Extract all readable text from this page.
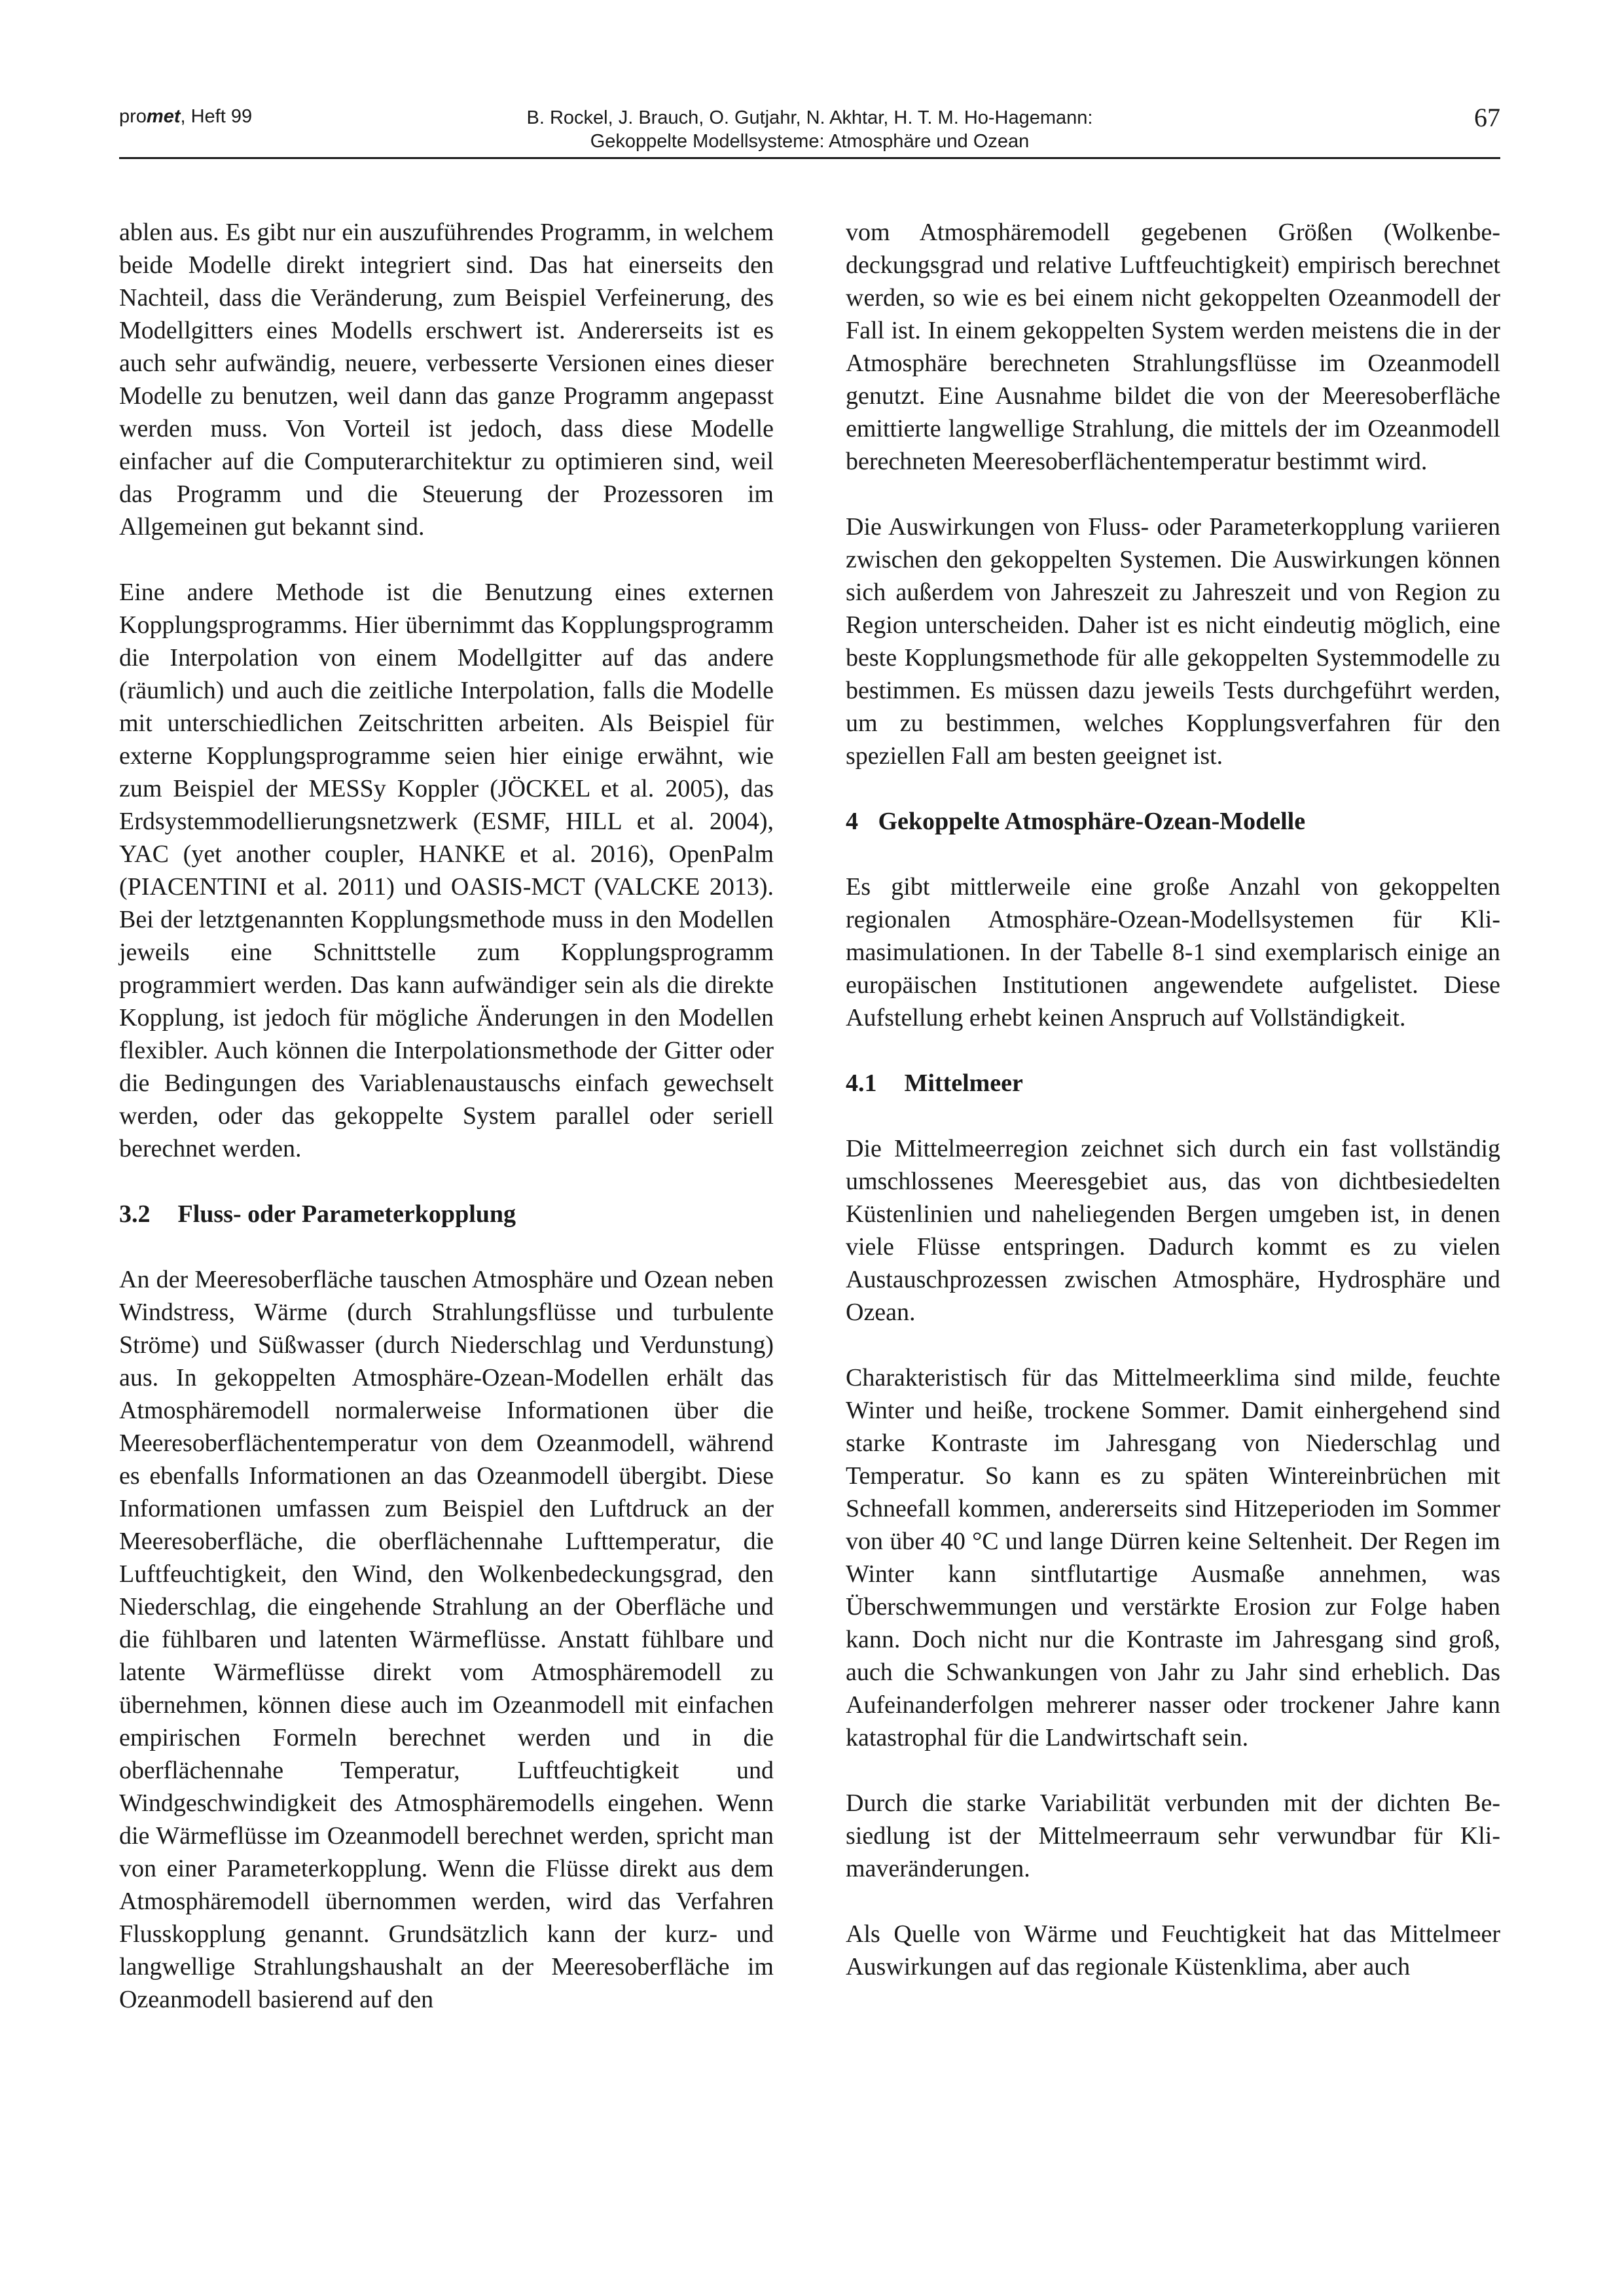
promet, Heft 99	B. Rockel, J. Brauch, O. Gutjahr, N. Akhtar, H. T. M. Ho-Hagemann:
Gekoppelte Modellsysteme: Atmosphäre und Ozean
67

ablen aus. Es gibt nur ein auszuführendes Programm, in welchem beide Modelle direkt integriert sind. Das hat einerseits den Nachteil, dass die Veränderung, zum Beispiel Verfeinerung, des Modellgitters eines Modells erschwert ist. Andererseits ist es auch sehr aufwändig, neuere, verbesserte Versionen eines dieser Modelle zu benutzen, weil dann das ganze Programm angepasst werden muss. Von Vorteil ist jedoch, dass diese Modelle einfacher auf die Computerarchitektur zu optimieren sind, weil das Programm und die Steuerung der Prozessoren im Allgemeinen gut bekannt sind.

Eine andere Methode ist die Benutzung eines externen Kopplungsprogramms. Hier übernimmt das Kopplungsprogramm die Interpolation von einem Modellgitter auf das andere (räumlich) und auch die zeitliche Interpolation, falls die Modelle mit unterschiedlichen Zeitschritten arbeiten. Als Beispiel für externe Kopplungsprogramme seien hier einige erwähnt, wie zum Beispiel der MESSy Koppler (JÖCKEL et al. 2005), das Erdsystemmodellierungsnetzwerk (ESMF, HILL et al. 2004), YAC (yet another coupler, HANKE et al. 2016), OpenPalm (PIACENTINI et al. 2011) und OASIS-MCT (VALCKE 2013). Bei der letztgenannten Kopplungsmethode muss in den Modellen jeweils eine Schnittstelle zum Kopplungsprogramm programmiert werden. Das kann aufwändiger sein als die direkte Kopplung, ist jedoch für mögliche Änderungen in den Modellen flexibler. Auch können die Interpolationsmethode der Gitter oder die Bedingungen des Variablenaustauschs einfach gewechselt werden, oder das gekoppelte System parallel oder seriell berechnet werden.

3.2 Fluss- oder Parameterkopplung

An der Meeresoberfläche tauschen Atmosphäre und Ozean neben Windstress, Wärme (durch Strahlungsflüsse und turbulente Ströme) und Süßwasser (durch Niederschlag und Verdunstung) aus. In gekoppelten Atmosphäre-Ozean-Modellen erhält das Atmosphäremodell normalerweise Informationen über die Meeresoberflächentemperatur von dem Ozeanmodell, während es ebenfalls Informationen an das Ozeanmodell übergibt. Diese Informationen umfassen zum Beispiel den Luftdruck an der Meeresoberfläche, die oberflächennahe Lufttemperatur, die Luftfeuchtigkeit, den Wind, den Wolkenbedeckungsgrad, den Niederschlag, die eingehende Strahlung an der Oberfläche und die fühlbaren und latenten Wärmeflüsse. Anstatt fühlbare und latente Wärmeflüsse direkt vom Atmosphäremodell zu übernehmen, können diese auch im Ozeanmodell mit einfachen empirischen Formeln berechnet werden und in die oberflächennahe Temperatur, Luftfeuchtigkeit und Windgeschwindigkeit des Atmosphäremodells eingehen. Wenn die Wärmeflüsse im Ozeanmodell berechnet werden, spricht man von einer Parameterkopplung. Wenn die Flüsse direkt aus dem Atmosphäremodell übernommen werden, wird das Verfahren Flusskopplung genannt. Grundsätzlich kann der kurz- und langwellige Strahlungshaushalt an der Meeresoberfläche im Ozeanmodell basierend auf den

vom Atmosphäremodell gegebenen Größen (Wolkenbedeckungsgrad und relative Luftfeuchtigkeit) empirisch berechnet werden, so wie es bei einem nicht gekoppelten Ozeanmodell der Fall ist. In einem gekoppelten System werden meistens die in der Atmosphäre berechneten Strahlungsflüsse im Ozeanmodell genutzt. Eine Ausnahme bildet die von der Meeresoberfläche emittierte langwellige Strahlung, die mittels der im Ozeanmodell berechneten Meeresoberflächentemperatur bestimmt wird.

Die Auswirkungen von Fluss- oder Parameterkopplung variieren zwischen den gekoppelten Systemen. Die Auswirkungen können sich außerdem von Jahreszeit zu Jahreszeit und von Region zu Region unterscheiden. Daher ist es nicht eindeutig möglich, eine beste Kopplungsmethode für alle gekoppelten Systemmodelle zu bestimmen. Es müssen dazu jeweils Tests durchgeführt werden, um zu bestimmen, welches Kopplungsverfahren für den speziellen Fall am besten geeignet ist.

4 Gekoppelte Atmosphäre-Ozean-Modelle

Es gibt mittlerweile eine große Anzahl von gekoppelten regionalen Atmosphäre-Ozean-Modellsystemen für Klimasimulationen. In der Tabelle 8-1 sind exemplarisch einige an europäischen Institutionen angewendete aufgelistet. Diese Aufstellung erhebt keinen Anspruch auf Vollständigkeit.

4.1 Mittelmeer

Die Mittelmeerregion zeichnet sich durch ein fast vollständig umschlossenes Meeresgebiet aus, das von dichtbesiedelten Küstenlinien und naheliegenden Bergen umgeben ist, in denen viele Flüsse entspringen. Dadurch kommt es zu vielen Austauschprozessen zwischen Atmosphäre, Hydrosphäre und Ozean.

Charakteristisch für das Mittelmeerklima sind milde, feuchte Winter und heiße, trockene Sommer. Damit einhergehend sind starke Kontraste im Jahresgang von Niederschlag und Temperatur. So kann es zu späten Wintereinbrüchen mit Schneefall kommen, andererseits sind Hitzeperioden im Sommer von über 40 °C und lange Dürren keine Seltenheit. Der Regen im Winter kann sintflutartige Ausmaße annehmen, was Überschwemmungen und verstärkte Erosion zur Folge haben kann. Doch nicht nur die Kontraste im Jahresgang sind groß, auch die Schwankungen von Jahr zu Jahr sind erheblich. Das Aufeinanderfolgen mehrerer nasser oder trockener Jahre kann katastrophal für die Landwirtschaft sein.

Durch die starke Variabilität verbunden mit der dichten Besiedlung ist der Mittelmeerraum sehr verwundbar für Klimaveränderungen.

Als Quelle von Wärme und Feuchtigkeit hat das Mittelmeer Auswirkungen auf das regionale Küstenklima, aber auch
